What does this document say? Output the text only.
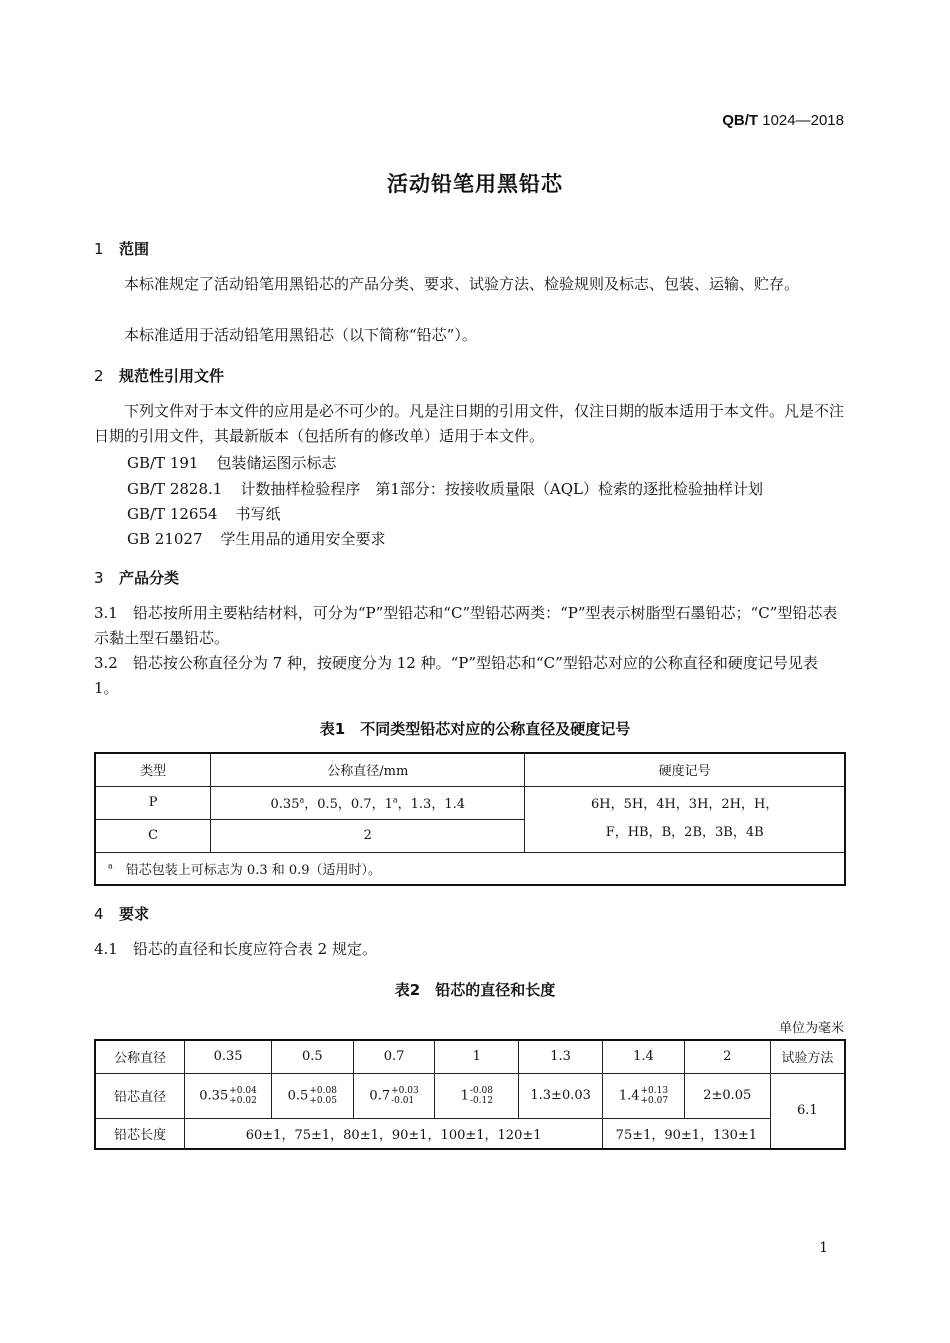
QB/T 1024—2018
活动铅笔用黑铅芯
1 范围
本标准规定了活动铅笔用黑铅芯的产品分类、要求、试验方法、检验规则及标志、包装、运输、贮存。
本标准适用于活动铅笔用黑铅芯（以下简称“铅芯”）。
2 规范性引用文件
下列文件对于本文件的应用是必不可少的。凡是注日期的引用文件，仅注日期的版本适用于本文件。凡是不注日期的引用文件，其最新版本（包括所有的修改单）适用于本文件。
GB/T 191 包装储运图示标志
GB/T 2828.1 计数抽样检验程序　第1部分：按接收质量限（AQL）检索的逐批检验抽样计划
GB/T 12654 书写纸
GB 21027 学生用品的通用安全要求
3 产品分类
3.1　 铅芯按所用主要粘结材料，可分为“P”型铅芯和“C”型铅芯两类：“P”型表示树脂型石墨铅芯；“C”型铅芯表示黏土型石墨铅芯。
3.2　 铅芯按公称直径分为 7 种，按硬度分为 12 种。“P”型铅芯和“C”型铅芯对应的公称直径和硬度记号见表 1。
表1　不同类型铅芯对应的公称直径及硬度记号
类型	公称直径/mm	硬度记号
P	0.35$^a$，0.5，0.7，1$^a$，1.3，1.4	6H，5H，4H，3H，2H，H，
F，HB，B，2B，3B，4B

C	2	
$^a$　 铅芯包装上可标志为 0.3 和 0.9（适用时）。		
4 要求
4.1　 铅芯的直径和长度应符合表 2 规定。
表2　铅芯的直径和长度
单位为毫米
公称直径	0.35	0.5	0.7	1	1.3	1.4	2	试验方法
铅芯直径	0.35 +0.04
+0.02	0.5 +0.08
+0.05	0.7 +0.03
-0.01	1 -0.08
-0.12	1.3±0.03	1.4 +0.13
+0.07	2±0.05	6.1
铅芯长度	60±1，75±1，80±1，90±1，100±1，120±1					75±1，90±1，130±1		
1
